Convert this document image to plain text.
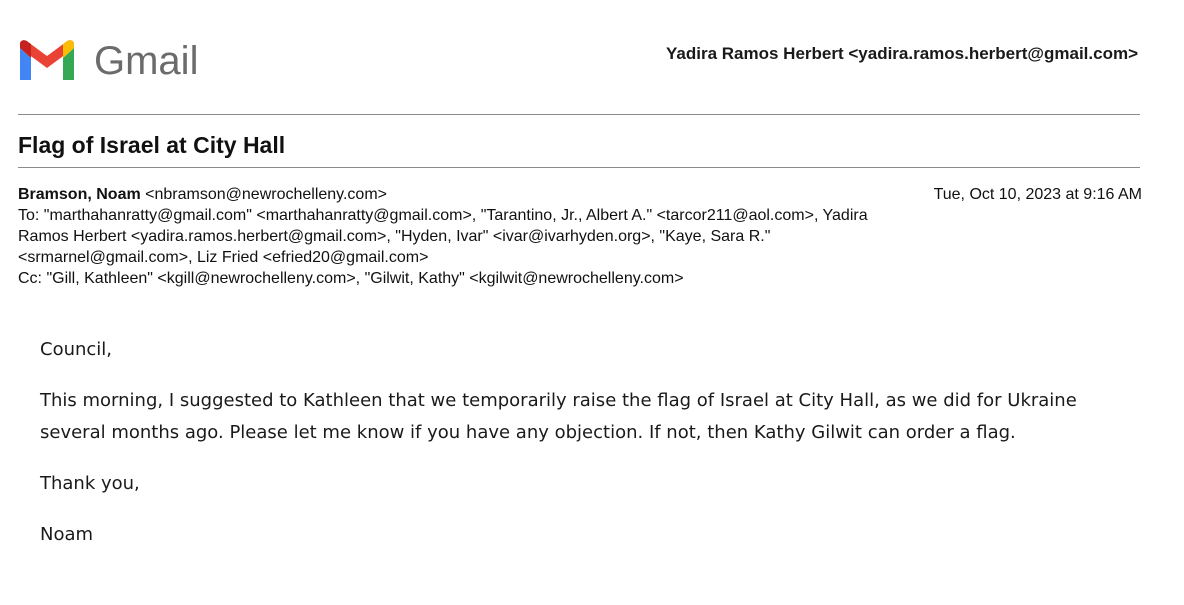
Gmail	Yadira Ramos Herbert <yadira.ramos.herbert@gmail.com>
Flag of Israel at City Hall
Bramson, Noam <nbramson@newrochelleny.com>	Tue, Oct 10, 2023 at 9:16 AM
To: "marthahanratty@gmail.com" <marthahanratty@gmail.com>, "Tarantino, Jr., Albert A." <tarcor211@aol.com>, Yadira
Ramos Herbert <yadira.ramos.herbert@gmail.com>, "Hyden, Ivar" <ivar@ivarhyden.org>, "Kaye, Sara R."
<srmarnel@gmail.com>, Liz Fried <efried20@gmail.com>
Cc: "Gill, Kathleen" <kgill@newrochelleny.com>, "Gilwit, Kathy" <kgilwit@newrochelleny.com>

Council,

This morning, I suggested to Kathleen that we temporarily raise the flag of Israel at City Hall, as we did for Ukraine several months ago. Please let me know if you have any objection. If not, then Kathy Gilwit can order a flag.

Thank you,

Noam
